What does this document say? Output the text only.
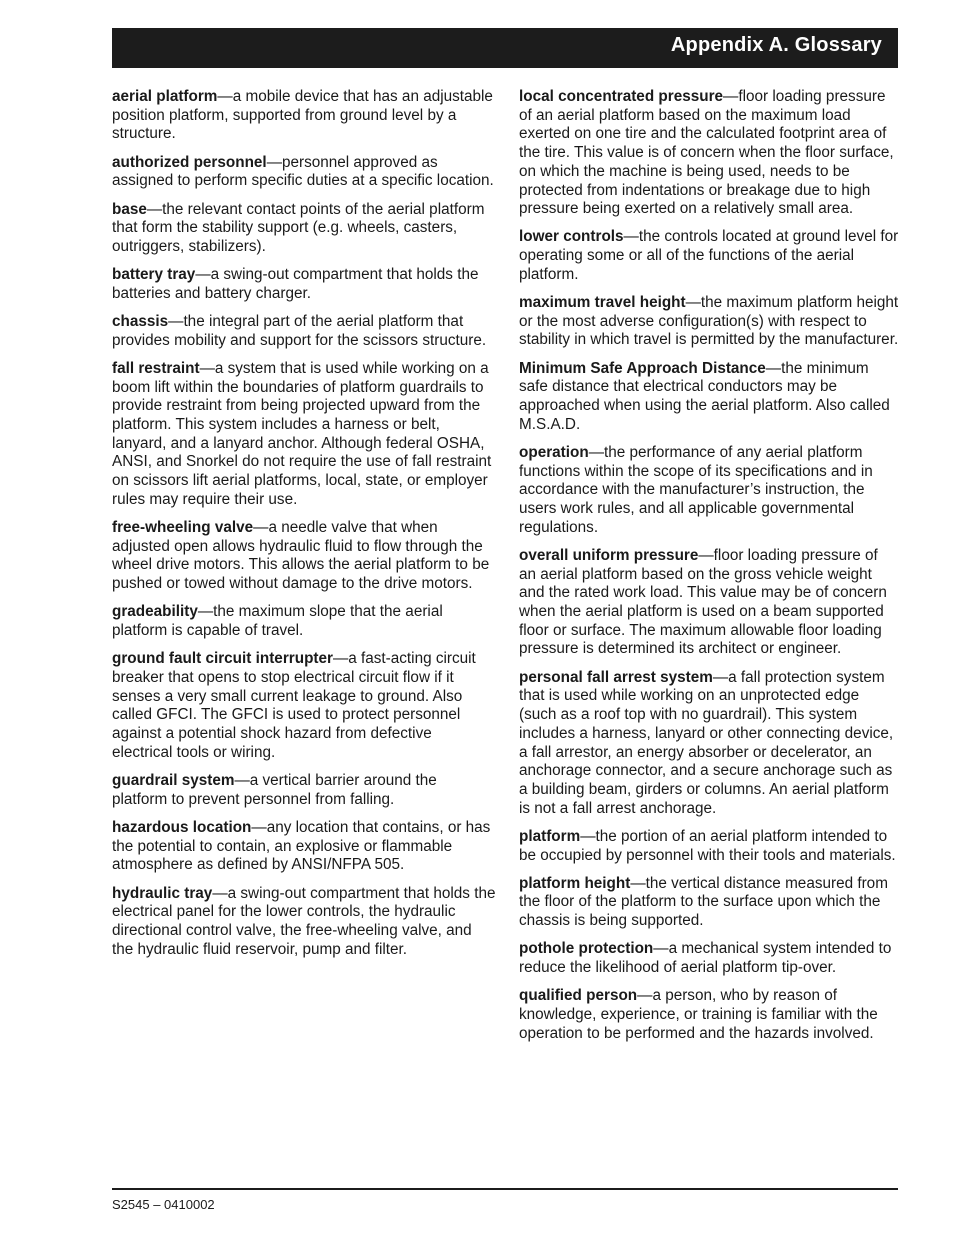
Appendix A. Glossary

aerial platform—a mobile device that has an adjustable position platform, supported from ground level by a structure.

authorized personnel—personnel approved as assigned to perform specific duties at a specific location.

base—the relevant contact points of the aerial platform that form the stability support (e.g. wheels, casters, outriggers, stabilizers).

battery tray—a swing-out compartment that holds the batteries and battery charger.

chassis—the integral part of the aerial platform that provides mobility and support for the scissors structure.

fall restraint—a system that is used while working on a boom lift within the boundaries of platform guardrails to provide restraint from being projected upward from the platform. This system includes a harness or belt, lanyard, and a lanyard anchor. Although federal OSHA, ANSI, and Snorkel do not require the use of fall restraint on scissors lift aerial platforms, local, state, or employer rules may require their use.

free-wheeling valve—a needle valve that when adjusted open allows hydraulic fluid to flow through the wheel drive motors. This allows the aerial platform to be pushed or towed without damage to the drive motors.

gradeability—the maximum slope that the aerial platform is capable of travel.

ground fault circuit interrupter—a fast-acting circuit breaker that opens to stop electrical circuit flow if it senses a very small current leakage to ground. Also called GFCI. The GFCI is used to protect personnel against a potential shock hazard from defective electrical tools or wiring.

guardrail system—a vertical barrier around the platform to prevent personnel from falling.

hazardous location—any location that contains, or has the potential to contain, an explosive or flammable atmosphere as defined by ANSI/NFPA 505.

hydraulic tray—a swing-out compartment that holds the electrical panel for the lower controls, the hydraulic directional control valve, the free-wheeling valve, and the hydraulic fluid reservoir, pump and filter.

local concentrated pressure—floor loading pressure of an aerial platform based on the maximum load exerted on one tire and the calculated footprint area of the tire. This value is of concern when the floor surface, on which the machine is being used, needs to be protected from indentations or breakage due to high pressure being exerted on a relatively small area.

lower controls—the controls located at ground level for operating some or all of the functions of the aerial platform.

maximum travel height—the maximum platform height or the most adverse configuration(s) with respect to stability in which travel is permitted by the manufacturer.

Minimum Safe Approach Distance—the minimum safe distance that electrical conductors may be approached when using the aerial platform. Also called M.S.A.D.

operation—the performance of any aerial platform functions within the scope of its specifications and in accordance with the manufacturer’s instruction, the users work rules, and all applicable governmental regulations.

overall uniform pressure—floor loading pressure of an aerial platform based on the gross vehicle weight and the rated work load. This value may be of concern when the aerial platform is used on a beam supported floor or surface. The maximum allowable floor loading pressure is determined its architect or engineer.

personal fall arrest system—a fall protection system that is used while working on an unprotected edge (such as a roof top with no guardrail). This system includes a harness, lanyard or other connecting device, a fall arrestor, an energy absorber or decelerator, an anchorage connector, and a secure anchorage such as a building beam, girders or columns. An aerial platform is not a fall arrest anchorage.

platform—the portion of an aerial platform intended to be occupied by personnel with their tools and materials.

platform height—the vertical distance measured from the floor of the platform to the surface upon which the chassis is being supported.

pothole protection—a mechanical system intended to reduce the likelihood of aerial platform tip-over.

qualified person—a person, who by reason of knowledge, experience, or training is familiar with the operation to be performed and the hazards involved.

S2545 – 0410002
